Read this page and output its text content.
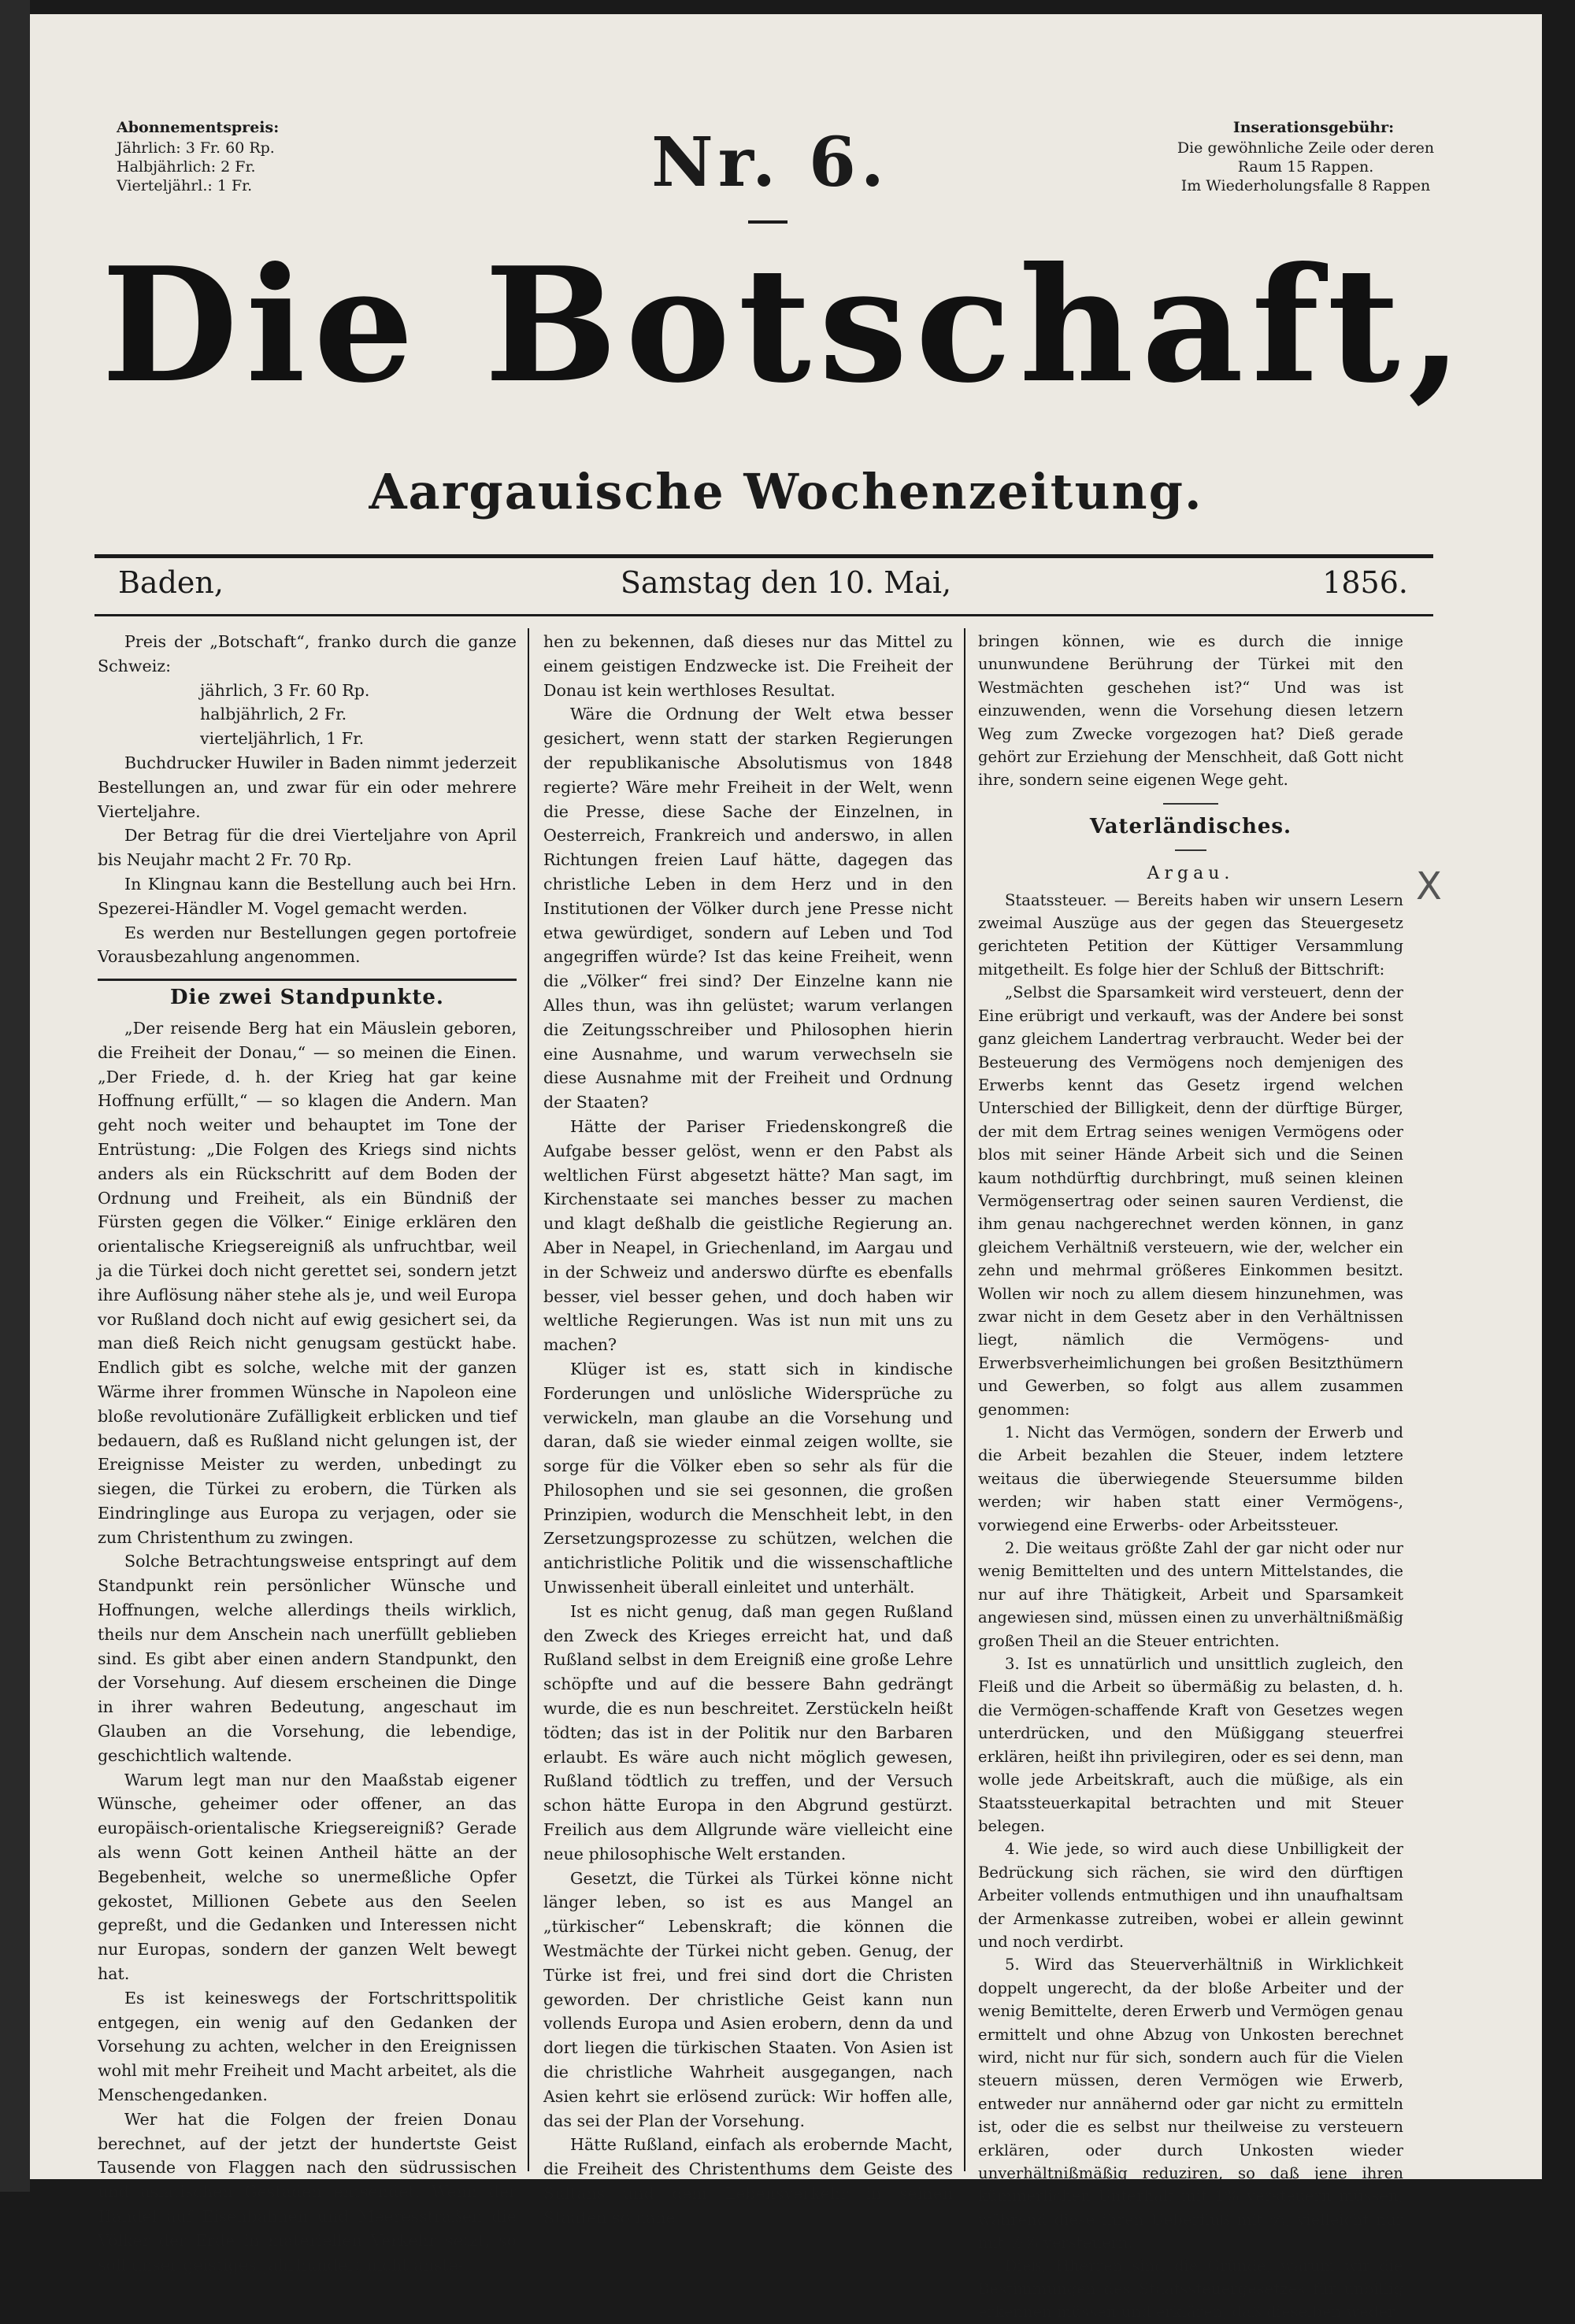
Abonnementspreis:
Jährlich: 3 Fr. 60 Rp.
Halbjährlich: 2 Fr.
Vierteljährl.: 1 Fr.
Inserationsgebühr:
Die gewöhnliche Zeile oder deren
Raum 15 Rappen.
Im Wiederholungsfalle 8 Rappen
Nr. 6.
Die Botschaft,
Aargauische Wochenzeitung.
Baden,	Samstag den 10. Mai,	1856.

Preis der „Botschaft“, franko durch die ganze Schweiz:

jährlich, 3 Fr. 60 Rp.

halbjährlich, 2 Fr.

vierteljährlich, 1 Fr.

Buchdrucker Huwiler in Baden nimmt jederzeit Bestellungen an, und zwar für ein oder mehrere Vierteljahre.

Der Betrag für die drei Vierteljahre von April bis Neujahr macht 2 Fr. 70 Rp.

In Klingnau kann die Bestellung auch bei Hrn. Spezerei-Händler M. Vogel gemacht werden.

Es werden nur Bestellungen gegen portofreie Vorausbezahlung angenommen.

Die zwei Standpunkte.

„Der reisende Berg hat ein Mäuslein geboren, die Freiheit der Donau,“ — so meinen die Einen. „Der Friede, d. h. der Krieg hat gar keine Hoffnung erfüllt,“ — so klagen die Andern. Man geht noch weiter und behauptet im Tone der Entrüstung: „Die Folgen des Kriegs sind nichts anders als ein Rückschritt auf dem Boden der Ordnung und Freiheit, als ein Bündniß der Fürsten gegen die Völker.“ Einige erklären den orientalische Kriegsereigniß als unfruchtbar, weil ja die Türkei doch nicht gerettet sei, sondern jetzt ihre Auflösung näher stehe als je, und weil Europa vor Rußland doch nicht auf ewig gesichert sei, da man dieß Reich nicht genugsam gestückt habe. Endlich gibt es solche, welche mit der ganzen Wärme ihrer frommen Wünsche in Napoleon eine bloße revolutionäre Zufälligkeit erblicken und tief bedauern, daß es Rußland nicht gelungen ist, der Ereignisse Meister zu werden, unbedingt zu siegen, die Türkei zu erobern, die Türken als Eindringlinge aus Europa zu verjagen, oder sie zum Christenthum zu zwingen.

Solche Betrachtungsweise entspringt auf dem Standpunkt rein persönlicher Wünsche und Hoffnungen, welche allerdings theils wirklich, theils nur dem Anschein nach unerfüllt geblieben sind. Es gibt aber einen andern Standpunkt, den der Vorsehung. Auf diesem erscheinen die Dinge in ihrer wahren Bedeutung, angeschaut im Glauben an die Vorsehung, die lebendige, geschichtlich waltende.

Warum legt man nur den Maaßstab eigener Wünsche, geheimer oder offener, an das europäisch-orientalische Kriegsereigniß? Gerade als wenn Gott keinen Antheil hätte an der Begebenheit, welche so unermeßliche Opfer gekostet, Millionen Gebete aus den Seelen gepreßt, und die Gedanken und Interessen nicht nur Europas, sondern der ganzen Welt bewegt hat.

Es ist keineswegs der Fortschrittspolitik entgegen, ein wenig auf den Gedanken der Vorsehung zu achten, welcher in den Ereignissen wohl mit mehr Freiheit und Macht arbeitet, als die Menschengedanken.

Wer hat die Folgen der freien Donau berechnet, auf der jetzt der hundertste Geist Tausende von Flaggen nach den südrussischen und asiatischen Gestaden entsendet. Wenn der Handel auf Eisenbahnen und Meeresstraßen die Völker der Erde in materiellen Verkehr setzt, so soll unser geistiges Jahrhundert nicht anste-

hen zu bekennen, daß dieses nur das Mittel zu einem geistigen Endzwecke ist. Die Freiheit der Donau ist kein werthloses Resultat.

Wäre die Ordnung der Welt etwa besser gesichert, wenn statt der starken Regierungen der republikanische Absolutismus von 1848 regierte? Wäre mehr Freiheit in der Welt, wenn die Presse, diese Sache der Einzelnen, in Oesterreich, Frankreich und anderswo, in allen Richtungen freien Lauf hätte, dagegen das christliche Leben in dem Herz und in den Institutionen der Völker durch jene Presse nicht etwa gewürdiget, sondern auf Leben und Tod angegriffen würde? Ist das keine Freiheit, wenn die „Völker“ frei sind? Der Einzelne kann nie Alles thun, was ihn gelüstet; warum verlangen die Zeitungsschreiber und Philosophen hierin eine Ausnahme, und warum verwechseln sie diese Ausnahme mit der Freiheit und Ordnung der Staaten?

Hätte der Pariser Friedenskongreß die Aufgabe besser gelöst, wenn er den Pabst als weltlichen Fürst abgesetzt hätte? Man sagt, im Kirchenstaate sei manches besser zu machen und klagt deßhalb die geistliche Regierung an. Aber in Neapel, in Griechenland, im Aargau und in der Schweiz und anderswo dürfte es ebenfalls besser, viel besser gehen, und doch haben wir weltliche Regierungen. Was ist nun mit uns zu machen?

Klüger ist es, statt sich in kindische Forderungen und unlösliche Widersprüche zu verwickeln, man glaube an die Vorsehung und daran, daß sie wieder einmal zeigen wollte, sie sorge für die Völker eben so sehr als für die Philosophen und sie sei gesonnen, die großen Prinzipien, wodurch die Menschheit lebt, in den Zersetzungsprozesse zu schützen, welchen die antichristliche Politik und die wissenschaftliche Unwissenheit überall einleitet und unterhält.

Ist es nicht genug, daß man gegen Rußland den Zweck des Krieges erreicht hat, und daß Rußland selbst in dem Ereigniß eine große Lehre schöpfte und auf die bessere Bahn gedrängt wurde, die es nun beschreitet. Zerstückeln heißt tödten; das ist in der Politik nur den Barbaren erlaubt. Es wäre auch nicht möglich gewesen, Rußland tödtlich zu treffen, und der Versuch schon hätte Europa in den Abgrund gestürzt. Freilich aus dem Allgrunde wäre vielleicht eine neue philosophische Welt erstanden.

Gesetzt, die Türkei als Türkei könne nicht länger leben, so ist es aus Mangel an „türkischer“ Lebenskraft; die können die Westmächte der Türkei nicht geben. Genug, der Türke ist frei, und frei sind dort die Christen geworden. Der christliche Geist kann nun vollends Europa und Asien erobern, denn da und dort liegen die türkischen Staaten. Von Asien ist die christliche Wahrheit ausgegangen, nach Asien kehrt sie erlösend zurück: Wir hoffen alle, das sei der Plan der Vorsehung.

Hätte Rußland, einfach als erobernde Macht, die Freiheit des Christenthums dem Geiste des Sultans und dem Lebensverkehr in seinen Staaten so nahe

bringen können, wie es durch die innige ununwundene Berührung der Türkei mit den Westmächten geschehen ist?“ Und was ist einzuwenden, wenn die Vorsehung diesen letzern Weg zum Zwecke vorgezogen hat? Dieß gerade gehört zur Erziehung der Menschheit, daß Gott nicht ihre, sondern seine eigenen Wege geht.

Vaterländisches.
Argau.

Staatssteuer. — Bereits haben wir unsern Lesern zweimal Auszüge aus der gegen das Steuergesetz gerichteten Petition der Küttiger Versammlung mitgetheilt. Es folge hier der Schluß der Bittschrift:

„Selbst die Sparsamkeit wird versteuert, denn der Eine erübrigt und verkauft, was der Andere bei sonst ganz gleichem Landertrag verbraucht. Weder bei der Besteuerung des Vermögens noch demjenigen des Erwerbs kennt das Gesetz irgend welchen Unterschied der Billigkeit, denn der dürftige Bürger, der mit dem Ertrag seines wenigen Vermögens oder blos mit seiner Hände Arbeit sich und die Seinen kaum nothdürftig durchbringt, muß seinen kleinen Vermögensertrag oder seinen sauren Verdienst, die ihm genau nachgerechnet werden können, in ganz gleichem Verhältniß versteuern, wie der, welcher ein zehn und mehrmal größeres Einkommen besitzt. Wollen wir noch zu allem diesem hinzunehmen, was zwar nicht in dem Gesetz aber in den Verhältnissen liegt, nämlich die Vermögens- und Erwerbsverheimlichungen bei großen Besitzthümern und Gewerben, so folgt aus allem zusammen genommen:

1. Nicht das Vermögen, sondern der Erwerb und die Arbeit bezahlen die Steuer, indem letztere weitaus die überwiegende Steuersumme bilden werden; wir haben statt einer Vermögens-, vorwiegend eine Erwerbs- oder Arbeitssteuer.

2. Die weitaus größte Zahl der gar nicht oder nur wenig Bemittelten und des untern Mittelstandes, die nur auf ihre Thätigkeit, Arbeit und Sparsamkeit angewiesen sind, müssen einen zu unverhältnißmäßig großen Theil an die Steuer entrichten.

3. Ist es unnatürlich und unsittlich zugleich, den Fleiß und die Arbeit so übermäßig zu belasten, d. h. die Vermögen-schaffende Kraft von Gesetzes wegen unterdrücken, und den Müßiggang steuerfrei erklären, heißt ihn privilegiren, oder es sei denn, man wolle jede Arbeitskraft, auch die müßige, als ein Staatssteuerkapital betrachten und mit Steuer belegen.

4. Wie jede, so wird auch diese Unbilligkeit der Bedrückung sich rächen, sie wird den dürftigen Arbeiter vollends entmuthigen und ihn unaufhaltsam der Armenkasse zutreiben, wobei er allein gewinnt und noch verdirbt.

5. Wird das Steuerverhältniß in Wirklichkeit doppelt ungerecht, da der bloße Arbeiter und der wenig Bemittelte, deren Erwerb und Vermögen genau ermittelt und ohne Abzug von Unkosten berechnet wird, nicht nur für sich, sondern auch für die Vielen steuern müssen, deren Vermögen wie Erwerb, entweder nur annähernd oder gar nicht zu ermitteln ist, oder die es selbst nur theilweise zu versteuern erklären, oder durch Unkosten wieder unverhältnißmäßig reduziren, so daß jene ihren kümmerlichen Unterhalt mit 1% versteuern müssen, während diese ihren Ueberfluß mit ¾, vielleicht nur mit ½% versteuern.

Dieß, Hherren sind die Gründe, warum wir die Bestimmungen des Staatssteuergesetzes für unbillig erkennen müssen und erklären, daß dieselben weder

X
